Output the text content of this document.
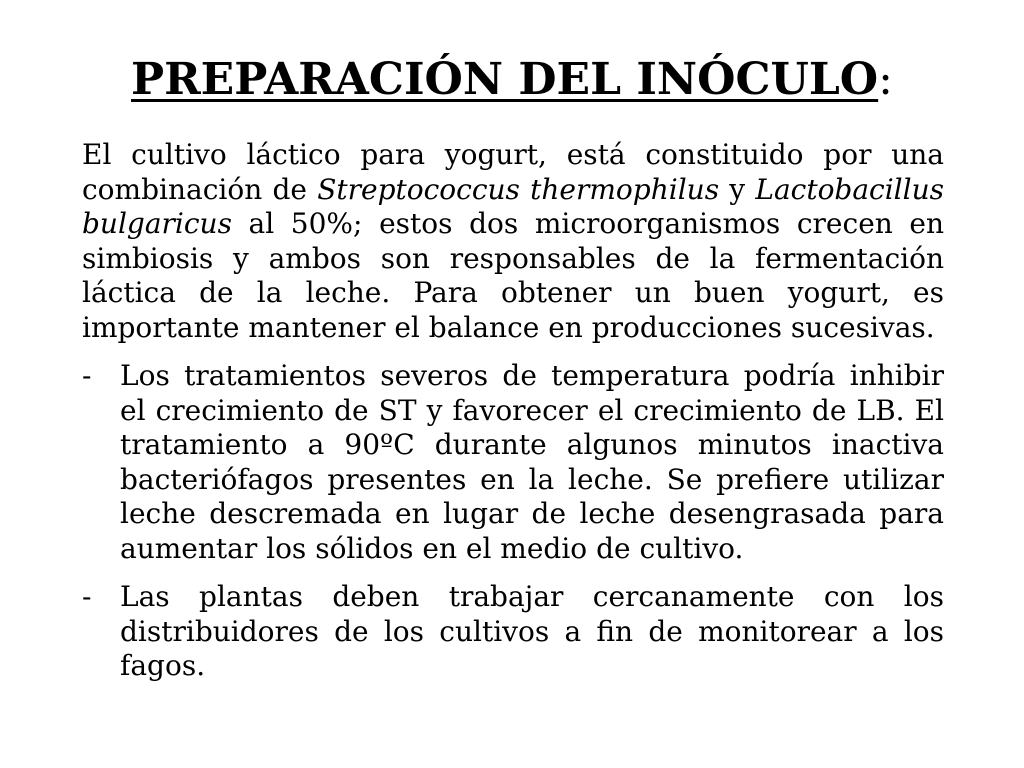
PREPARACIÓN DEL INÓCULO:

El cultivo láctico para yogurt, está constituido por una combinación de Streptococcus thermophilus y Lactobacillus bulgaricus al 50%; estos dos microorganismos crecen en simbiosis y ambos son responsables de la fermentación láctica de la leche. Para obtener un buen yogurt, es importante mantener el balance en producciones sucesivas.

- Los tratamientos severos de temperatura podría inhibir el crecimiento de ST y favorecer el crecimiento de LB. El tratamiento a 90ºC durante algunos minutos inactiva bacteriófagos presentes en la leche. Se prefiere utilizar leche descremada en lugar de leche desengrasada para aumentar los sólidos en el medio de cultivo.

- Las plantas deben trabajar cercanamente con los distribuidores de los cultivos a fin de monitorear a los fagos.
